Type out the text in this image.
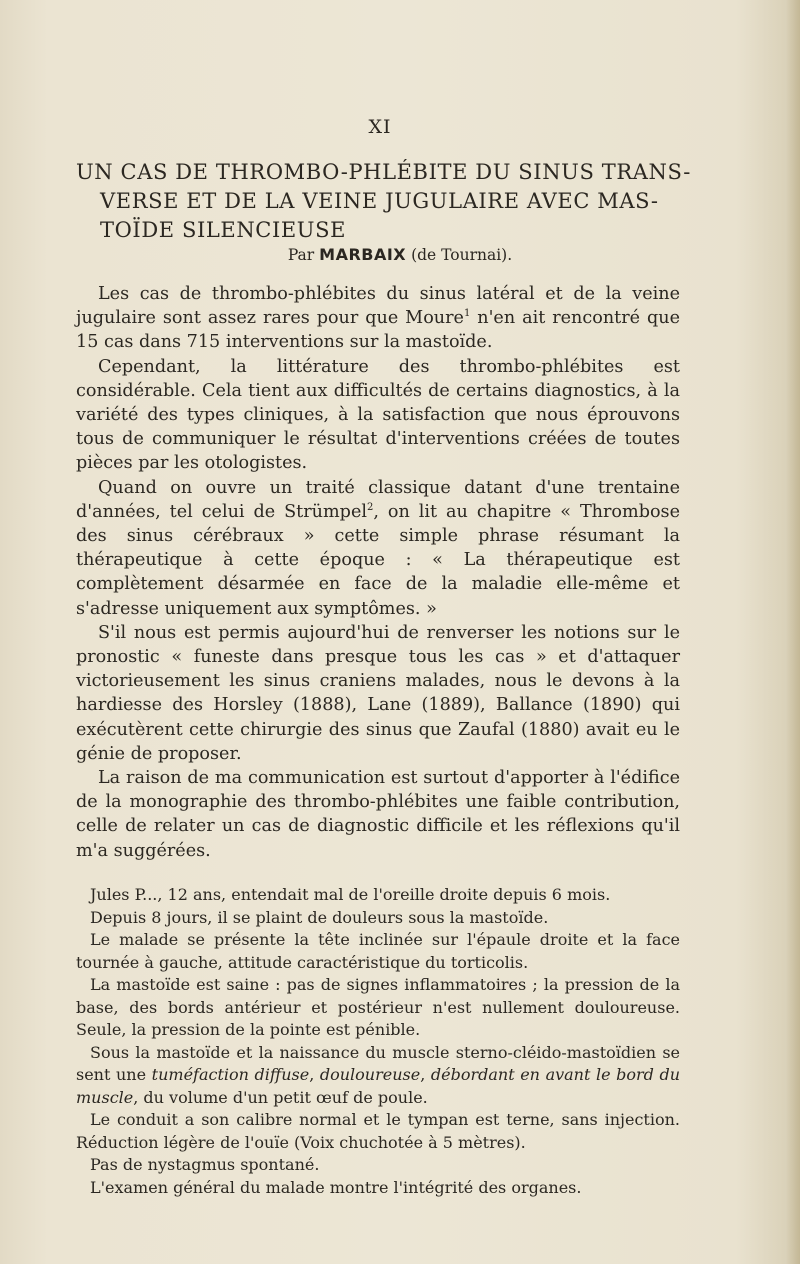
XI
UN CAS DE THROMBO-PHLÉBITE DU SINUS TRANS-
VERSE ET DE LA VEINE JUGULAIRE AVEC MAS-
TOÏDE SILENCIEUSE
Par MARBAIX (de Tournai).

Les cas de thrombo-phlébites du sinus latéral et de la veine jugulaire sont assez rares pour que Moure$^1$ n'en ait rencontré que 15 cas dans 715 interventions sur la mastoïde.

Cependant, la littérature des thrombo-phlébites est considérable. Cela tient aux difficultés de certains diagnostics, à la variété des types cliniques, à la satisfaction que nous éprouvons tous de communiquer le résultat d'interventions créées de toutes pièces par les otologistes.

Quand on ouvre un traité classique datant d'une trentaine d'années, tel celui de Strümpel$^2$, on lit au chapitre « Thrombose des sinus cérébraux » cette simple phrase résumant la thérapeutique à cette époque : « La thérapeutique est complètement désarmée en face de la maladie elle-même et s'adresse uniquement aux symptômes. »

S'il nous est permis aujourd'hui de renverser les notions sur le pronostic « funeste dans presque tous les cas » et d'attaquer victorieusement les sinus craniens malades, nous le devons à la hardiesse des Horsley (1888), Lane (1889), Ballance (1890) qui exécutèrent cette chirurgie des sinus que Zaufal (1880) avait eu le génie de proposer.

La raison de ma communication est surtout d'apporter à l'édifice de la monographie des thrombo-phlébites une faible contribution, celle de relater un cas de diagnostic difficile et les réflexions qu'il m'a suggérées.

Jules P..., 12 ans, entendait mal de l'oreille droite depuis 6 mois.

Depuis 8 jours, il se plaint de douleurs sous la mastoïde.

Le malade se présente la tête inclinée sur l'épaule droite et la face tournée à gauche, attitude caractéristique du torticolis.

La mastoïde est saine : pas de signes inflammatoires ; la pression de la base, des bords antérieur et postérieur n'est nullement douloureuse. Seule, la pression de la pointe est pénible.

Sous la mastoïde et la naissance du muscle sterno-cléido-mastoïdien se sent une tuméfaction diffuse, douloureuse, débordant en avant le bord du muscle, du volume d'un petit œuf de poule.

Le conduit a son calibre normal et le tympan est terne, sans injection. Réduction légère de l'ouïe (Voix chuchotée à 5 mètres).

Pas de nystagmus spontané.

L'examen général du malade montre l'intégrité des organes.
